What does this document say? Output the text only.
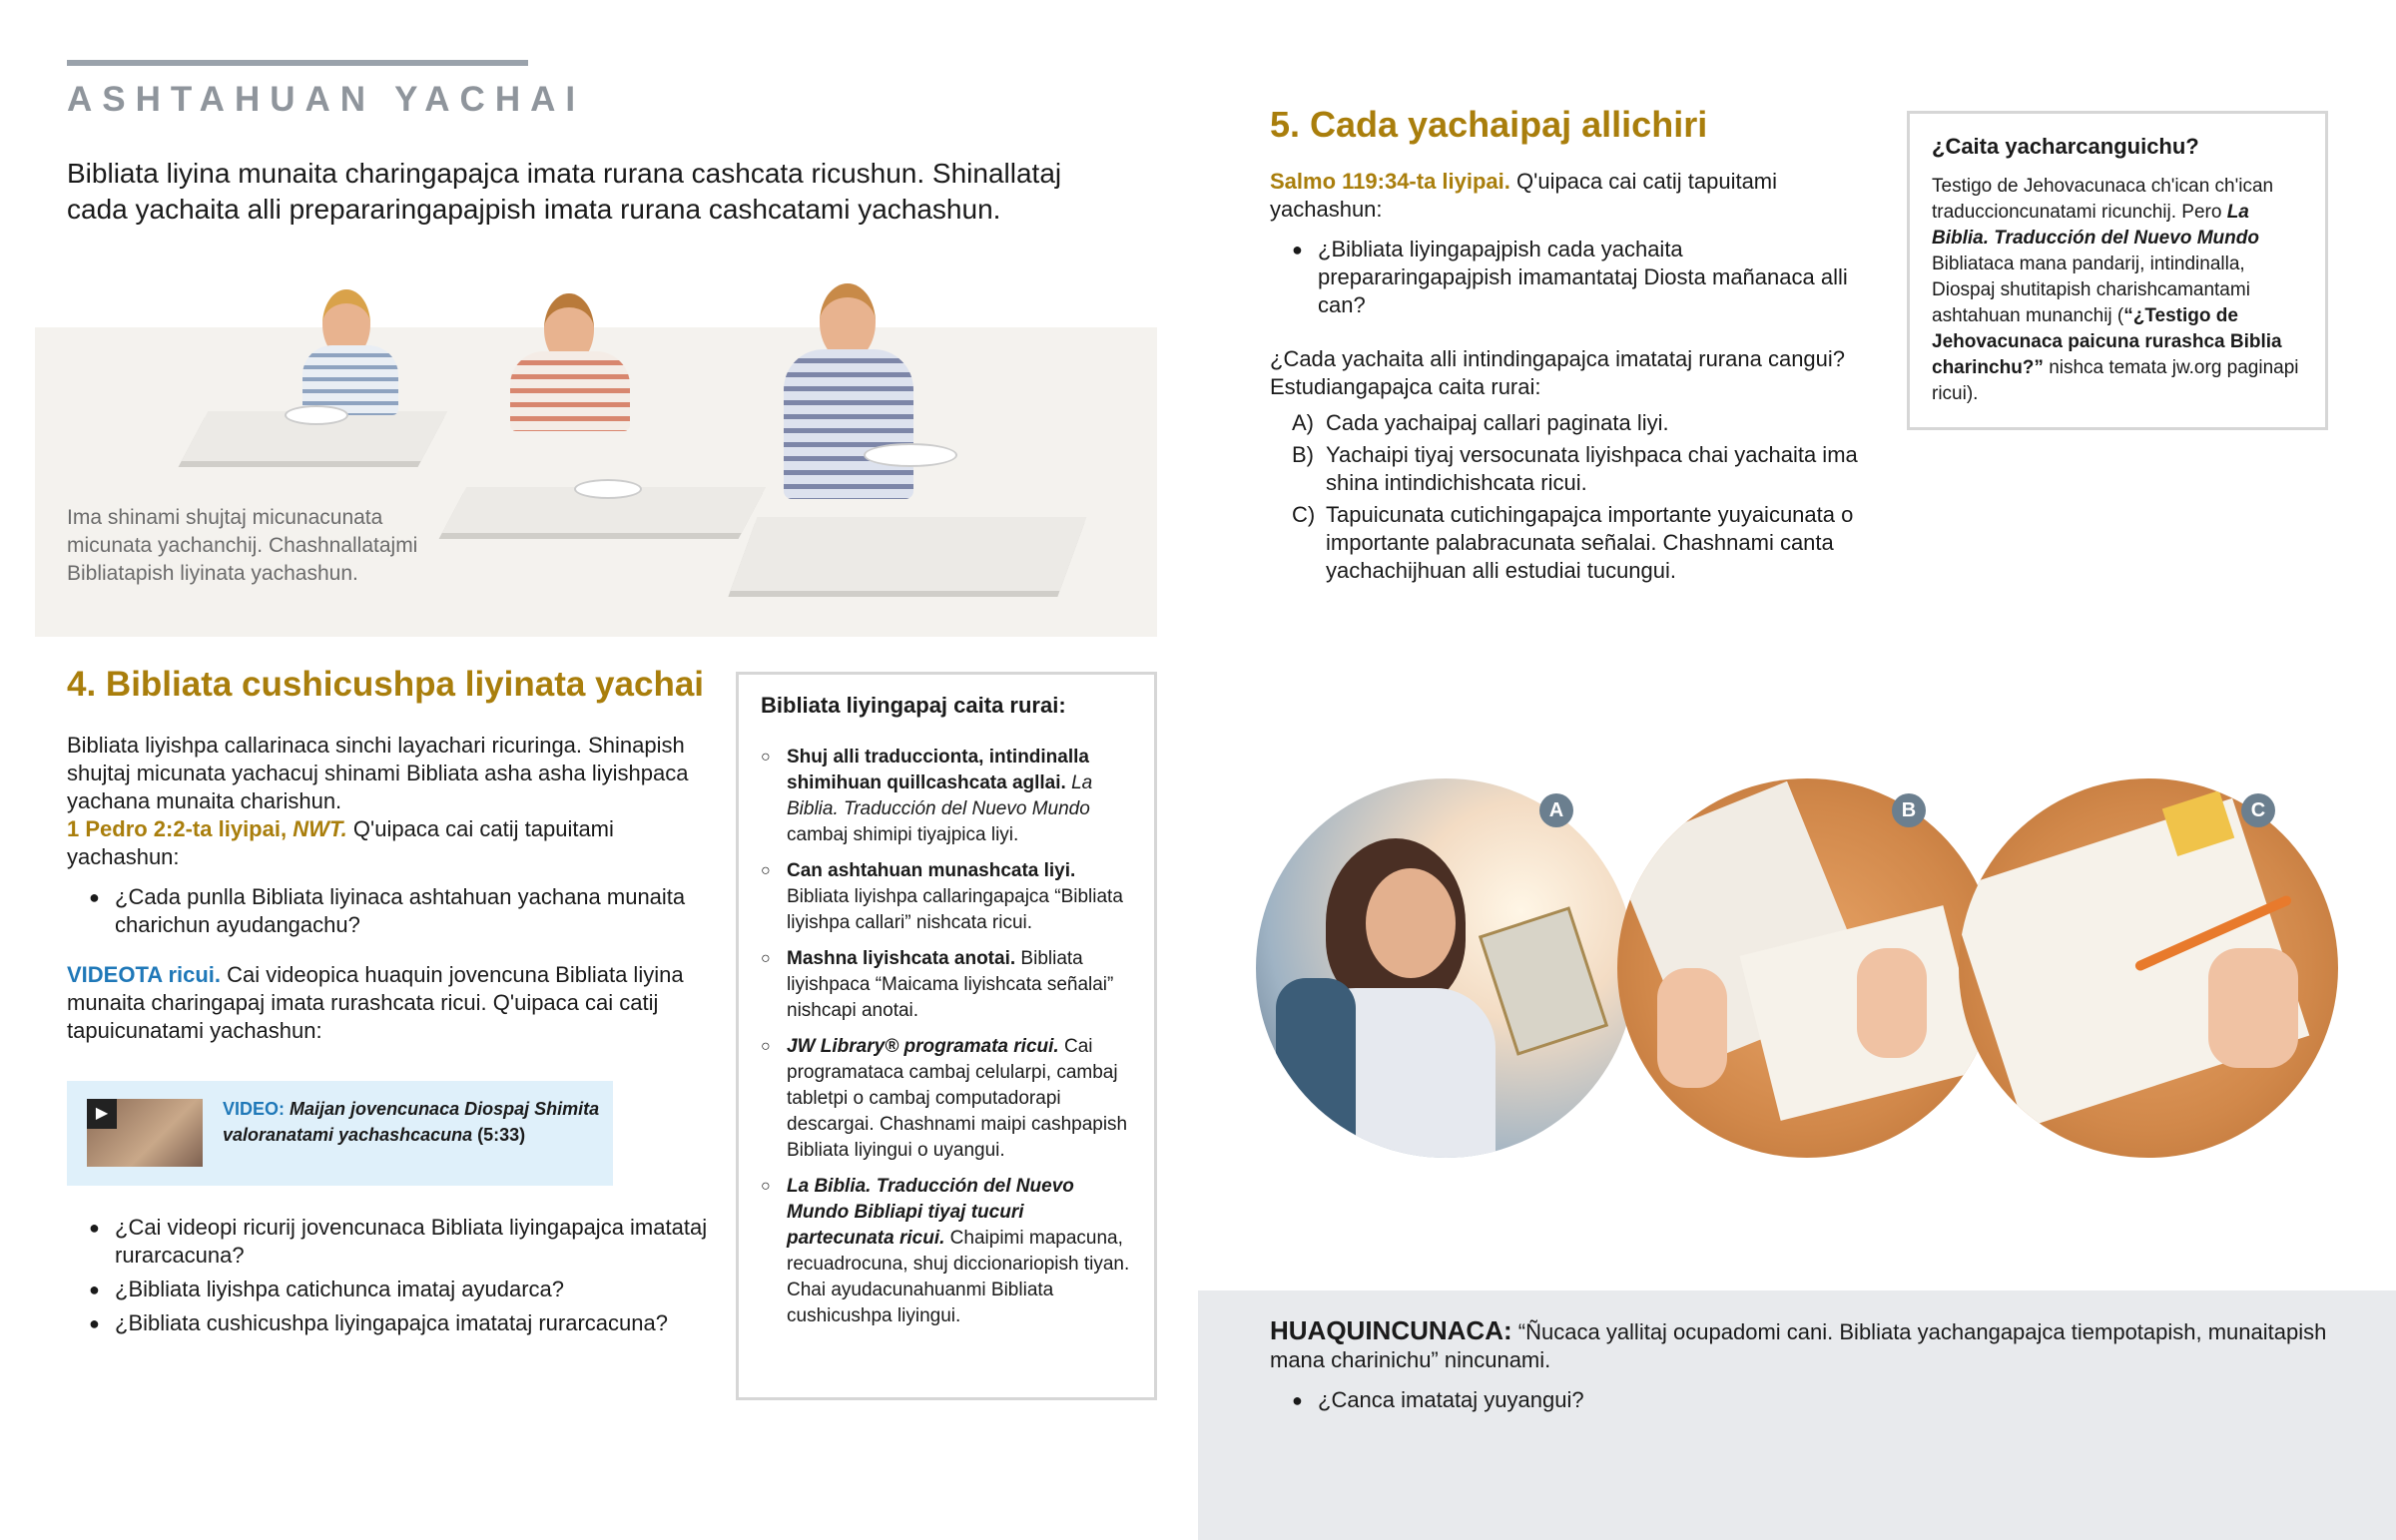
ASHTAHUAN YACHAI
Bibliata liyina munaita charingapajca imata rurana cashcata ricushun. Shinallataj cada yachaita alli prepararingapajpish imata rurana cashcatami yachashun.
Ima shinami shujtaj micunacunata micunata yachanchij. Chashnallatajmi Bibliatapish liyinata yachashun.
4. Bibliata cushicushpa liyinata yachai
Bibliata liyishpa callarinaca sinchi layachari ricuringa. Shinapish shujtaj micunata yachacuj shinami Bibliata asha asha liyishpaca yachana munaita charishun.
1 Pedro 2:2-ta liyipai, NWT. Q'uipaca cai catij tapuitami yachashun:
● ¿Cada punlla Bibliata liyinaca ashtahuan yachana munaita charichun ayudangachu?
VIDEOTA ricui. Cai videopica huaquin jovencuna Bibliata liyina munaita charingapaj imata rurashcata ricui. Q'uipaca cai catij tapuicunatami yachashun:
▶	VIDEO: Maijan jovencunaca Diospaj Shimita valoranatami yachashcacuna (5:33)
● ¿Cai videopi ricurij jovencunaca Bibliata liyingapajca imatataj rurarcacuna?
● ¿Bibliata liyishpa catichunca imataj ayudarca?
● ¿Bibliata cushicushpa liyingapajca imatataj rurarcacuna?
Bibliata liyingapaj caita rurai:
○ Shuj alli traduccionta, intindinalla shimihuan quillcashcata agllai. La Biblia. Traducción del Nuevo Mundo cambaj shimipi tiyajpica liyi.
○ Can ashtahuan munashcata liyi. Bibliata liyishpa callaringapajca “Bibliata liyishpa callari” nishcata ricui.
○ Mashna liyishcata anotai. Bibliata liyishpaca “Maicama liyishcata señalai” nishcapi anotai.
○ JW Library® programata ricui. Cai programataca cambaj celularpi, cambaj tabletpi o cambaj computadorapi descargai. Chashnami maipi cashpapish Bibliata liyingui o uyangui.
○ La Biblia. Traducción del Nuevo Mundo Bibliapi tiyaj tucuri partecunata ricui. Chaipimi mapacuna, recuadrocuna, shuj diccionariopish tiyan. Chai ayudacunahuanmi Bibliata cushicushpa liyingui.
5. Cada yachaipaj allichiri
Salmo 119:34-ta liyipai. Q'uipaca cai catij tapuitami yachashun:
● ¿Bibliata liyingapajpish cada yachaita prepararingapajpish imamantataj Diosta mañanaca alli can?
¿Cada yachaita alli intindingapajca imatataj rurana cangui? Estudiangapajca caita rurai:
A) Cada yachaipaj callari paginata liyi.
B) Yachaipi tiyaj versocunata liyishpaca chai yachaita ima shina intindichishcata ricui.
C) Tapuicunata cutichingapajca importante yuyaicunata o importante palabracunata señalai. Chashnami canta yachachijhuan alli estudiai tucungui.
¿Caita yacharcanguichu?
Testigo de Jehovacunaca ch'ican ch'ican traduccioncunatami ricunchij. Pero La Biblia. Traducción del Nuevo Mundo Bibliataca mana pandarij, intindinalla, Diospaj shutitapish charishcamantami ashtahuan munanchij (“¿Testigo de Jehovacunaca paicuna rurashca Biblia charinchu?” nishca temata jw.org paginapi ricui).
A	B	C
HUAQUINCUNACA: “Ñucaca yallitaj ocupadomi cani. Bibliata yachangapajca tiempotapish, munaitapish mana charinichu” nincunami.
● ¿Canca imatataj yuyangui?
